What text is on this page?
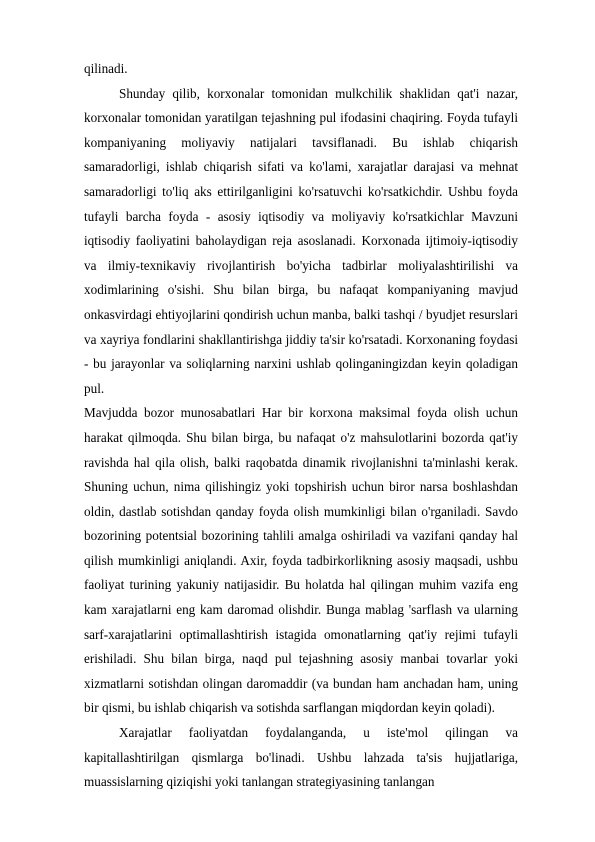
qilinadi.

Shunday qilib, korxonalar tomonidan mulkchilik shaklidan qat'i nazar, korxonalar tomonidan yaratilgan tejashning pul ifodasini chaqiring. Foyda tufayli kompaniyaning moliyaviy natijalari tavsiflanadi. Bu ishlab chiqarish samaradorligi, ishlab chiqarish sifati va ko'lami, xarajatlar darajasi va mehnat samaradorligi to'liq aks ettirilganligini ko'rsatuvchi ko'rsatkichdir. Ushbu foyda tufayli barcha foyda - asosiy iqtisodiy va moliyaviy ko'rsatkichlar Mavzuni iqtisodiy faoliyatini baholaydigan reja asoslanadi. Korxonada ijtimoiy-iqtisodiy va ilmiy-texnikaviy rivojlantirish bo'yicha tadbirlar moliyalashtirilishi va xodimlarining o'sishi. Shu bilan birga, bu nafaqat kompaniyaning mavjud onkasvirdagi ehtiyojlarini qondirish uchun manba, balki tashqi / byudjet resurslari va xayriya fondlarini shakllantirishga jiddiy ta'sir ko'rsatadi. Korxonaning foydasi - bu jarayonlar va soliqlarning narxini ushlab qolinganingizdan keyin qoladigan pul.

Mavjudda bozor munosabatlari Har bir korxona maksimal foyda olish uchun harakat qilmoqda. Shu bilan birga, bu nafaqat o'z mahsulotlarini bozorda qat'iy ravishda hal qila olish, balki raqobatda dinamik rivojlanishni ta'minlashi kerak. Shuning uchun, nima qilishingiz yoki topshirish uchun biror narsa boshlashdan oldin, dastlab sotishdan qanday foyda olish mumkinligi bilan o'rganiladi. Savdo bozorining potentsial bozorining tahlili amalga oshiriladi va vazifani qanday hal qilish mumkinligi aniqlandi. Axir, foyda tadbirkorlikning asosiy maqsadi, ushbu faoliyat turining yakuniy natijasidir. Bu holatda hal qilingan muhim vazifa eng kam xarajatlarni eng kam daromad olishdir. Bunga mablag 'sarflash va ularning sarf-xarajatlarini optimallashtirish istagida omonatlarning qat'iy rejimi tufayli erishiladi. Shu bilan birga, naqd pul tejashning asosiy manbai tovarlar yoki xizmatlarni sotishdan olingan daromaddir (va bundan ham anchadan ham, uning bir qismi, bu ishlab chiqarish va sotishda sarflangan miqdordan keyin qoladi).

Xarajatlar faoliyatdan foydalanganda, u iste'mol qilingan va kapitallashtirilgan qismlarga bo'linadi. Ushbu lahzada ta'sis hujjatlariga, muassislarning qiziqishi yoki tanlangan strategiyasining tanlangan
